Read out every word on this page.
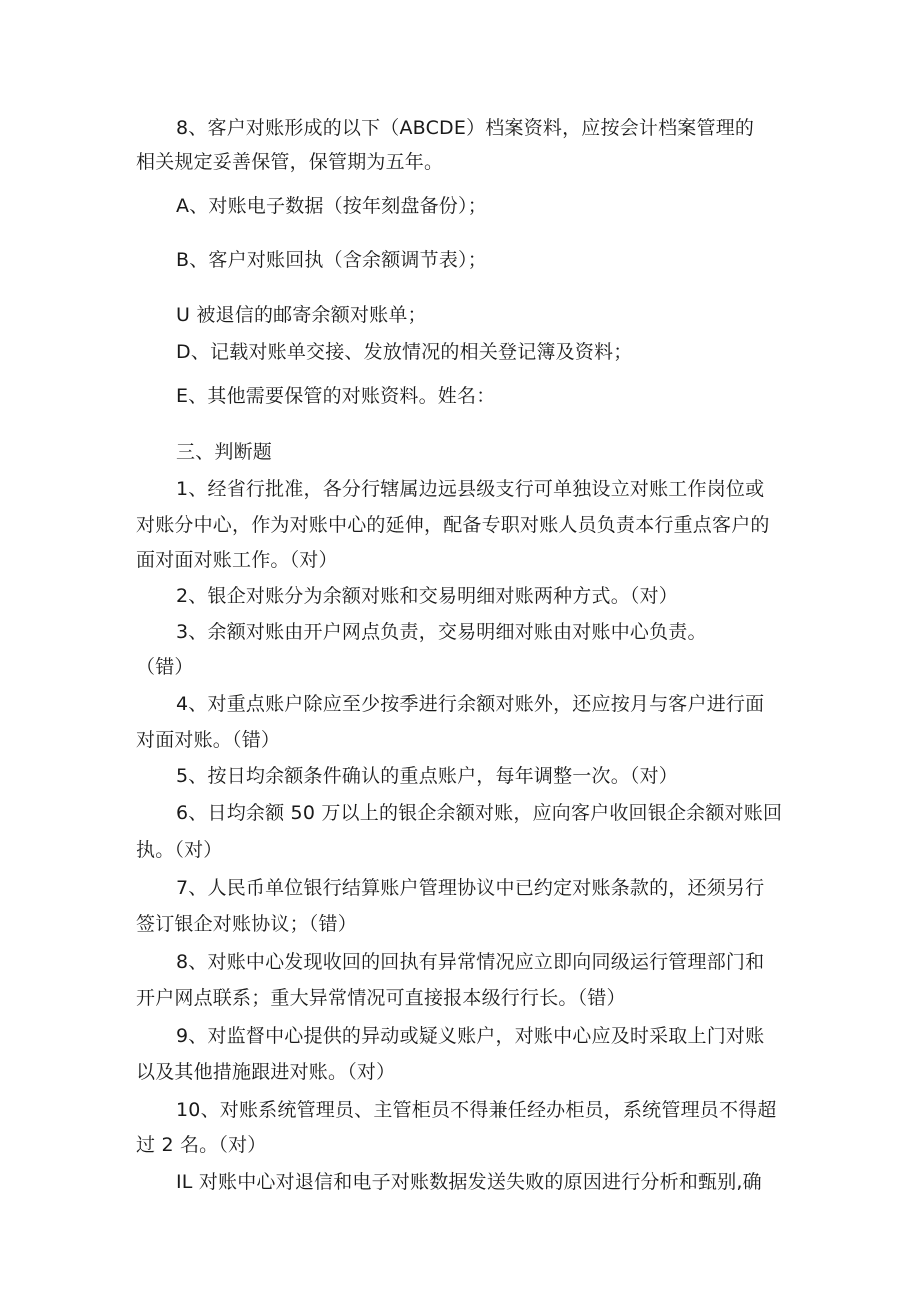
8、客户对账形成的以下（ABCDE）档案资料，应按会计档案管理的
相关规定妥善保管，保管期为五年。
A、对账电子数据（按年刻盘备份）；
B、客户对账回执（含余额调节表）；
U 被退信的邮寄余额对账单；
D、记载对账单交接、发放情况的相关登记簿及资料；
E、其他需要保管的对账资料。姓名：
三、判断题
1、经省行批准，各分行辖属边远县级支行可单独设立对账工作岗位或
对账分中心，作为对账中心的延伸，配备专职对账人员负责本行重点客户的
面对面对账工作。（对）
2、银企对账分为余额对账和交易明细对账两种方式。（对）
3、余额对账由开户网点负责，交易明细对账由对账中心负责。
（错）
4、对重点账户除应至少按季进行余额对账外，还应按月与客户进行面
对面对账。（错）
5、按日均余额条件确认的重点账户，每年调整一次。（对）
6、日均余额 50 万以上的银企余额对账，应向客户收回银企余额对账回
执。（对）
7、人民币单位银行结算账户管理协议中已约定对账条款的，还须另行
签订银企对账协议；（错）
8、对账中心发现收回的回执有异常情况应立即向同级运行管理部门和
开户网点联系；重大异常情况可直接报本级行行长。（错）
9、对监督中心提供的异动或疑义账户，对账中心应及时采取上门对账
以及其他措施跟进对账。（对）
10、对账系统管理员、主管柜员不得兼任经办柜员，系统管理员不得超
过 2 名。（对）
IL 对账中心对退信和电子对账数据发送失败的原因进行分析和甄别,确
